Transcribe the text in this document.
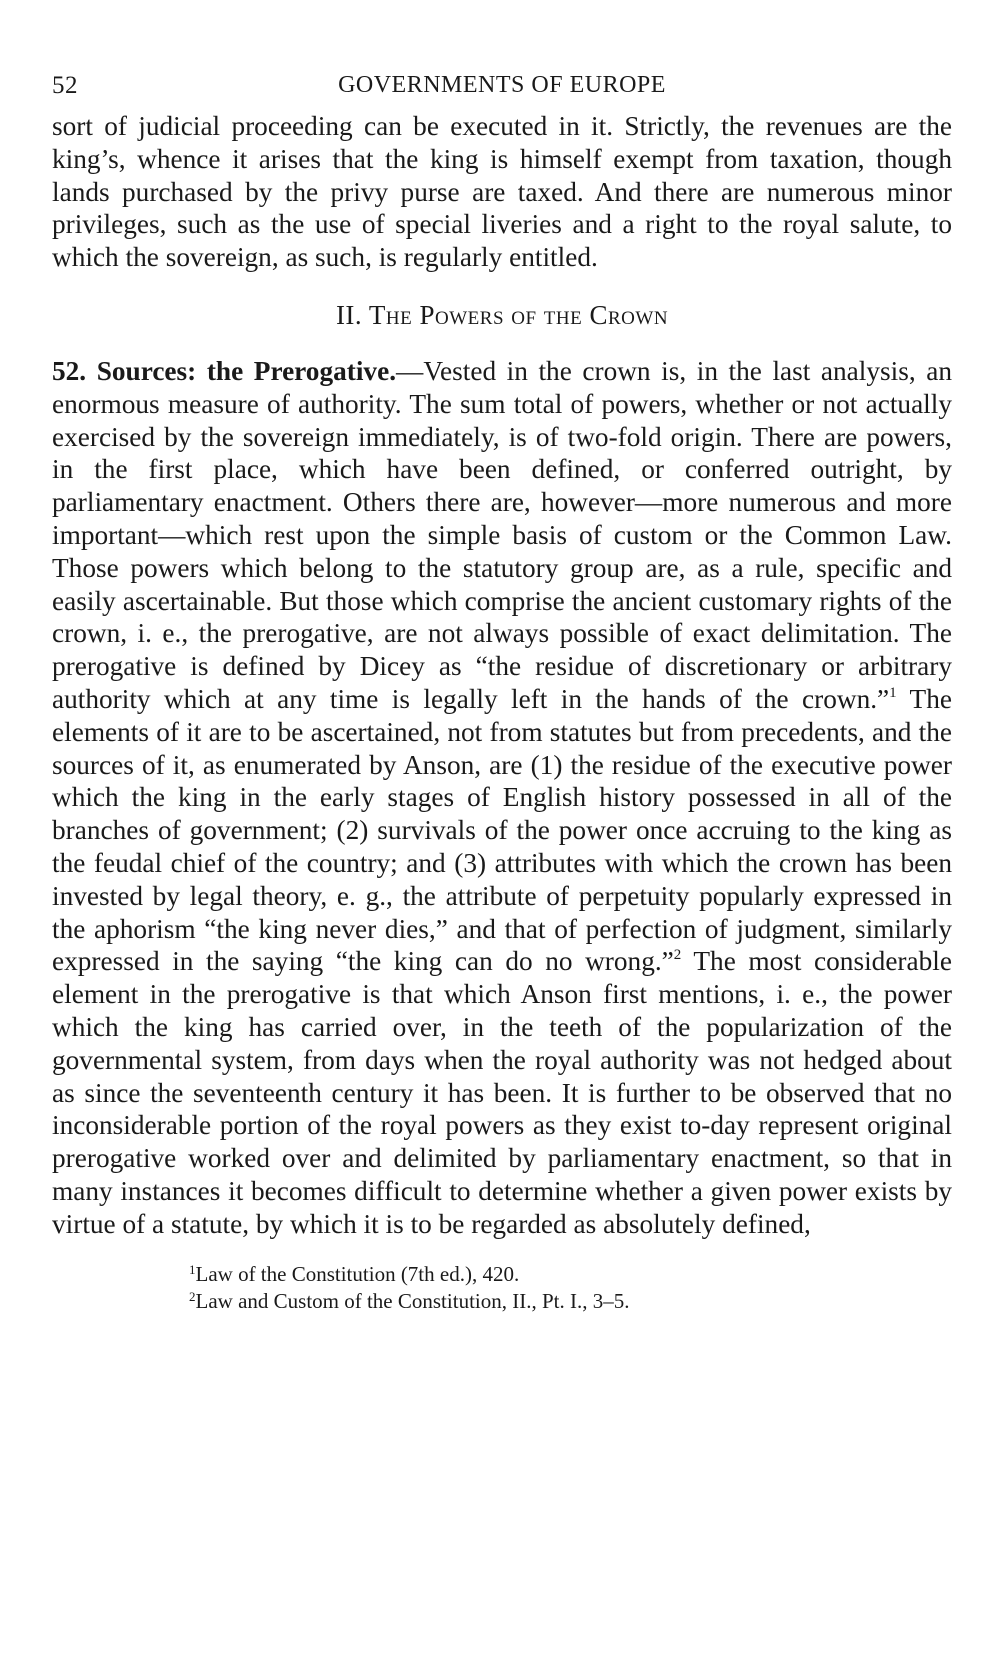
52	GOVERNMENTS OF EUROPE

sort of judicial proceeding can be executed in it. Strictly, the revenues are the king’s, whence it arises that the king is himself exempt from taxation, though lands purchased by the privy purse are taxed. And there are numerous minor privileges, such as the use of special liveries and a right to the royal salute, to which the sovereign, as such, is regularly entitled.

II. The Powers of the Crown

52. Sources: the Prerogative.—Vested in the crown is, in the last analysis, an enormous measure of authority. The sum total of powers, whether or not actually exercised by the sovereign immediately, is of two-fold origin. There are powers, in the first place, which have been defined, or conferred outright, by parliamentary enactment. Others there are, however—more numerous and more important—which rest upon the simple basis of custom or the Common Law. Those powers which belong to the statutory group are, as a rule, specific and easily ascertainable. But those which comprise the ancient customary rights of the crown, i. e., the prerogative, are not always possible of exact delimitation. The prerogative is defined by Dicey as “the residue of discretionary or arbitrary authority which at any time is legally left in the hands of the crown.”$^1$ The elements of it are to be ascertained, not from statutes but from precedents, and the sources of it, as enumerated by Anson, are (1) the residue of the executive power which the king in the early stages of English history possessed in all of the branches of government; (2) survivals of the power once accruing to the king as the feudal chief of the country; and (3) attributes with which the crown has been invested by legal theory, e. g., the attribute of perpetuity popularly expressed in the aphorism “the king never dies,” and that of perfection of judgment, similarly expressed in the saying “the king can do no wrong.”$^2$ The most considerable element in the prerogative is that which Anson first mentions, i. e., the power which the king has carried over, in the teeth of the popularization of the governmental system, from days when the royal authority was not hedged about as since the seventeenth century it has been. It is further to be observed that no inconsiderable portion of the royal powers as they exist to-day represent original prerogative worked over and delimited by parliamentary enactment, so that in many instances it becomes difficult to determine whether a given power exists by virtue of a statute, by which it is to be regarded as absolutely defined,

$^1$Law of the Constitution (7th ed.), 420.
$^2$Law and Custom of the Constitution, II., Pt. I., 3–5.
